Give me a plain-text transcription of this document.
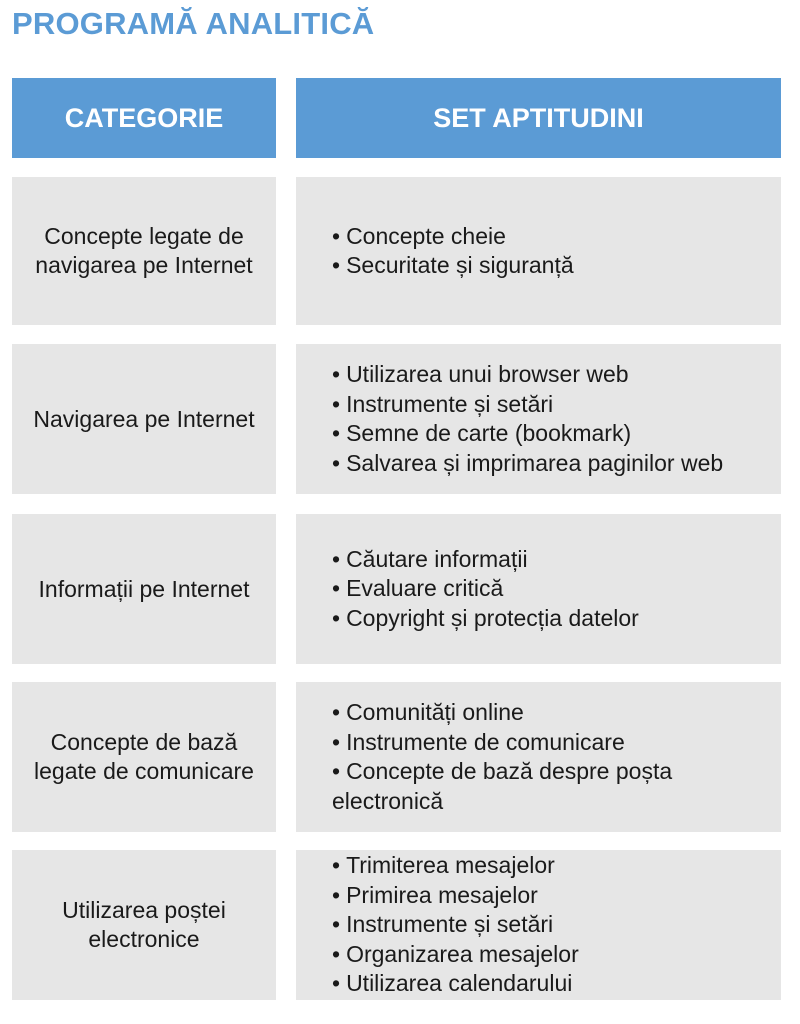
PROGRAMĂ ANALITICĂ
CATEGORIE	SET APTITUDINI
Concepte legate de navigarea pe Internet
• Concepte cheie
• Securitate și siguranță
Navigarea pe Internet
• Utilizarea unui browser web
• Instrumente și setări
• Semne de carte (bookmark)
• Salvarea și imprimarea paginilor web
Informații pe Internet
• Căutare informații
• Evaluare critică
• Copyright și protecția datelor
Concepte de bază legate de comunicare
• Comunități online
• Instrumente de comunicare
• Concepte de bază despre poșta electronică
Utilizarea poștei electronice
• Trimiterea mesajelor
• Primirea mesajelor
• Instrumente și setări
• Organizarea mesajelor
• Utilizarea calendarului
